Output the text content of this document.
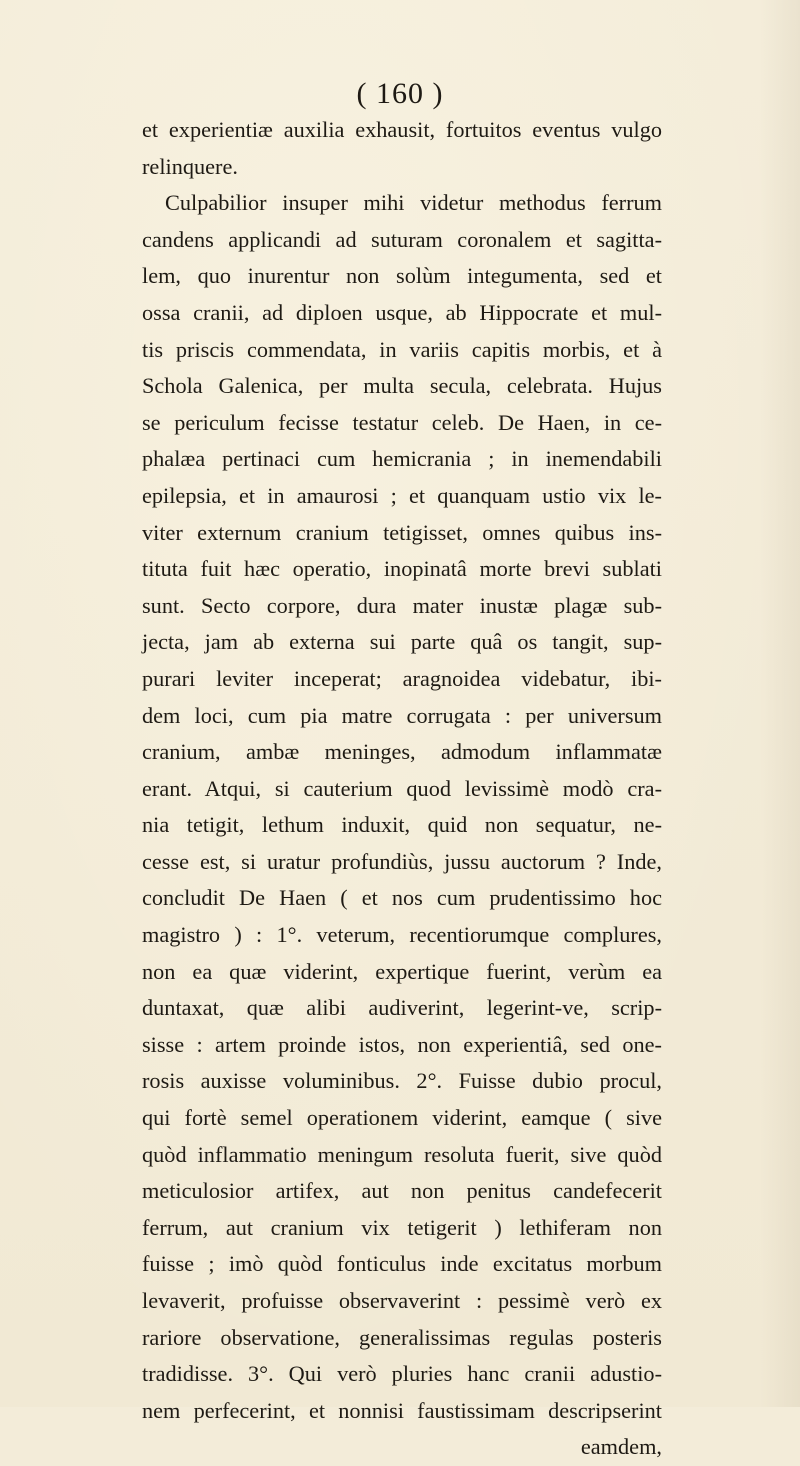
( 160 )
et experientiæ auxilia exhausit, fortuitos eventus vulgo
relinquere.
Culpabilior insuper mihi videtur methodus ferrum
candens applicandi ad suturam coronalem et sagitta-
lem, quo inurentur non solùm integumenta, sed et
ossa cranii, ad diploen usque, ab Hippocrate et mul-
tis priscis commendata, in variis capitis morbis, et à
Schola Galenica, per multa secula, celebrata. Hujus
se periculum fecisse testatur celeb. De Haen, in ce-
phalæa pertinaci cum hemicrania ; in inemendabili
epilepsia, et in amaurosi ; et quanquam ustio vix le-
viter externum cranium tetigisset, omnes quibus ins-
tituta fuit hæc operatio, inopinatâ morte brevi sublati
sunt. Secto corpore, dura mater inustæ plagæ sub-
jecta, jam ab externa sui parte quâ os tangit, sup-
purari leviter inceperat; aragnoidea videbatur, ibi-
dem loci, cum pia matre corrugata : per universum
cranium, ambæ meninges, admodum inflammatæ
erant. Atqui, si cauterium quod levissimè modò cra-
nia tetigit, lethum induxit, quid non sequatur, ne-
cesse est, si uratur profundiùs, jussu auctorum ? Inde,
concludit De Haen ( et nos cum prudentissimo hoc
magistro ) : 1°. veterum, recentiorumque complures,
non ea quæ viderint, expertique fuerint, verùm ea
duntaxat, quæ alibi audiverint, legerint-ve, scrip-
sisse : artem proinde istos, non experientiâ, sed one-
rosis auxisse voluminibus. 2°. Fuisse dubio procul,
qui fortè semel operationem viderint, eamque ( sive
quòd inflammatio meningum resoluta fuerit, sive quòd
meticulosior artifex, aut non penitus candefecerit
ferrum, aut cranium vix tetigerit ) lethiferam non
fuisse ; imò quòd fonticulus inde excitatus morbum
levaverit, profuisse observaverint : pessimè verò ex
rariore observatione, generalissimas regulas posteris
tradidisse. 3°. Qui verò pluries hanc cranii adustio-
nem perfecerint, et nonnisi faustissimam descripserint
eamdem,
